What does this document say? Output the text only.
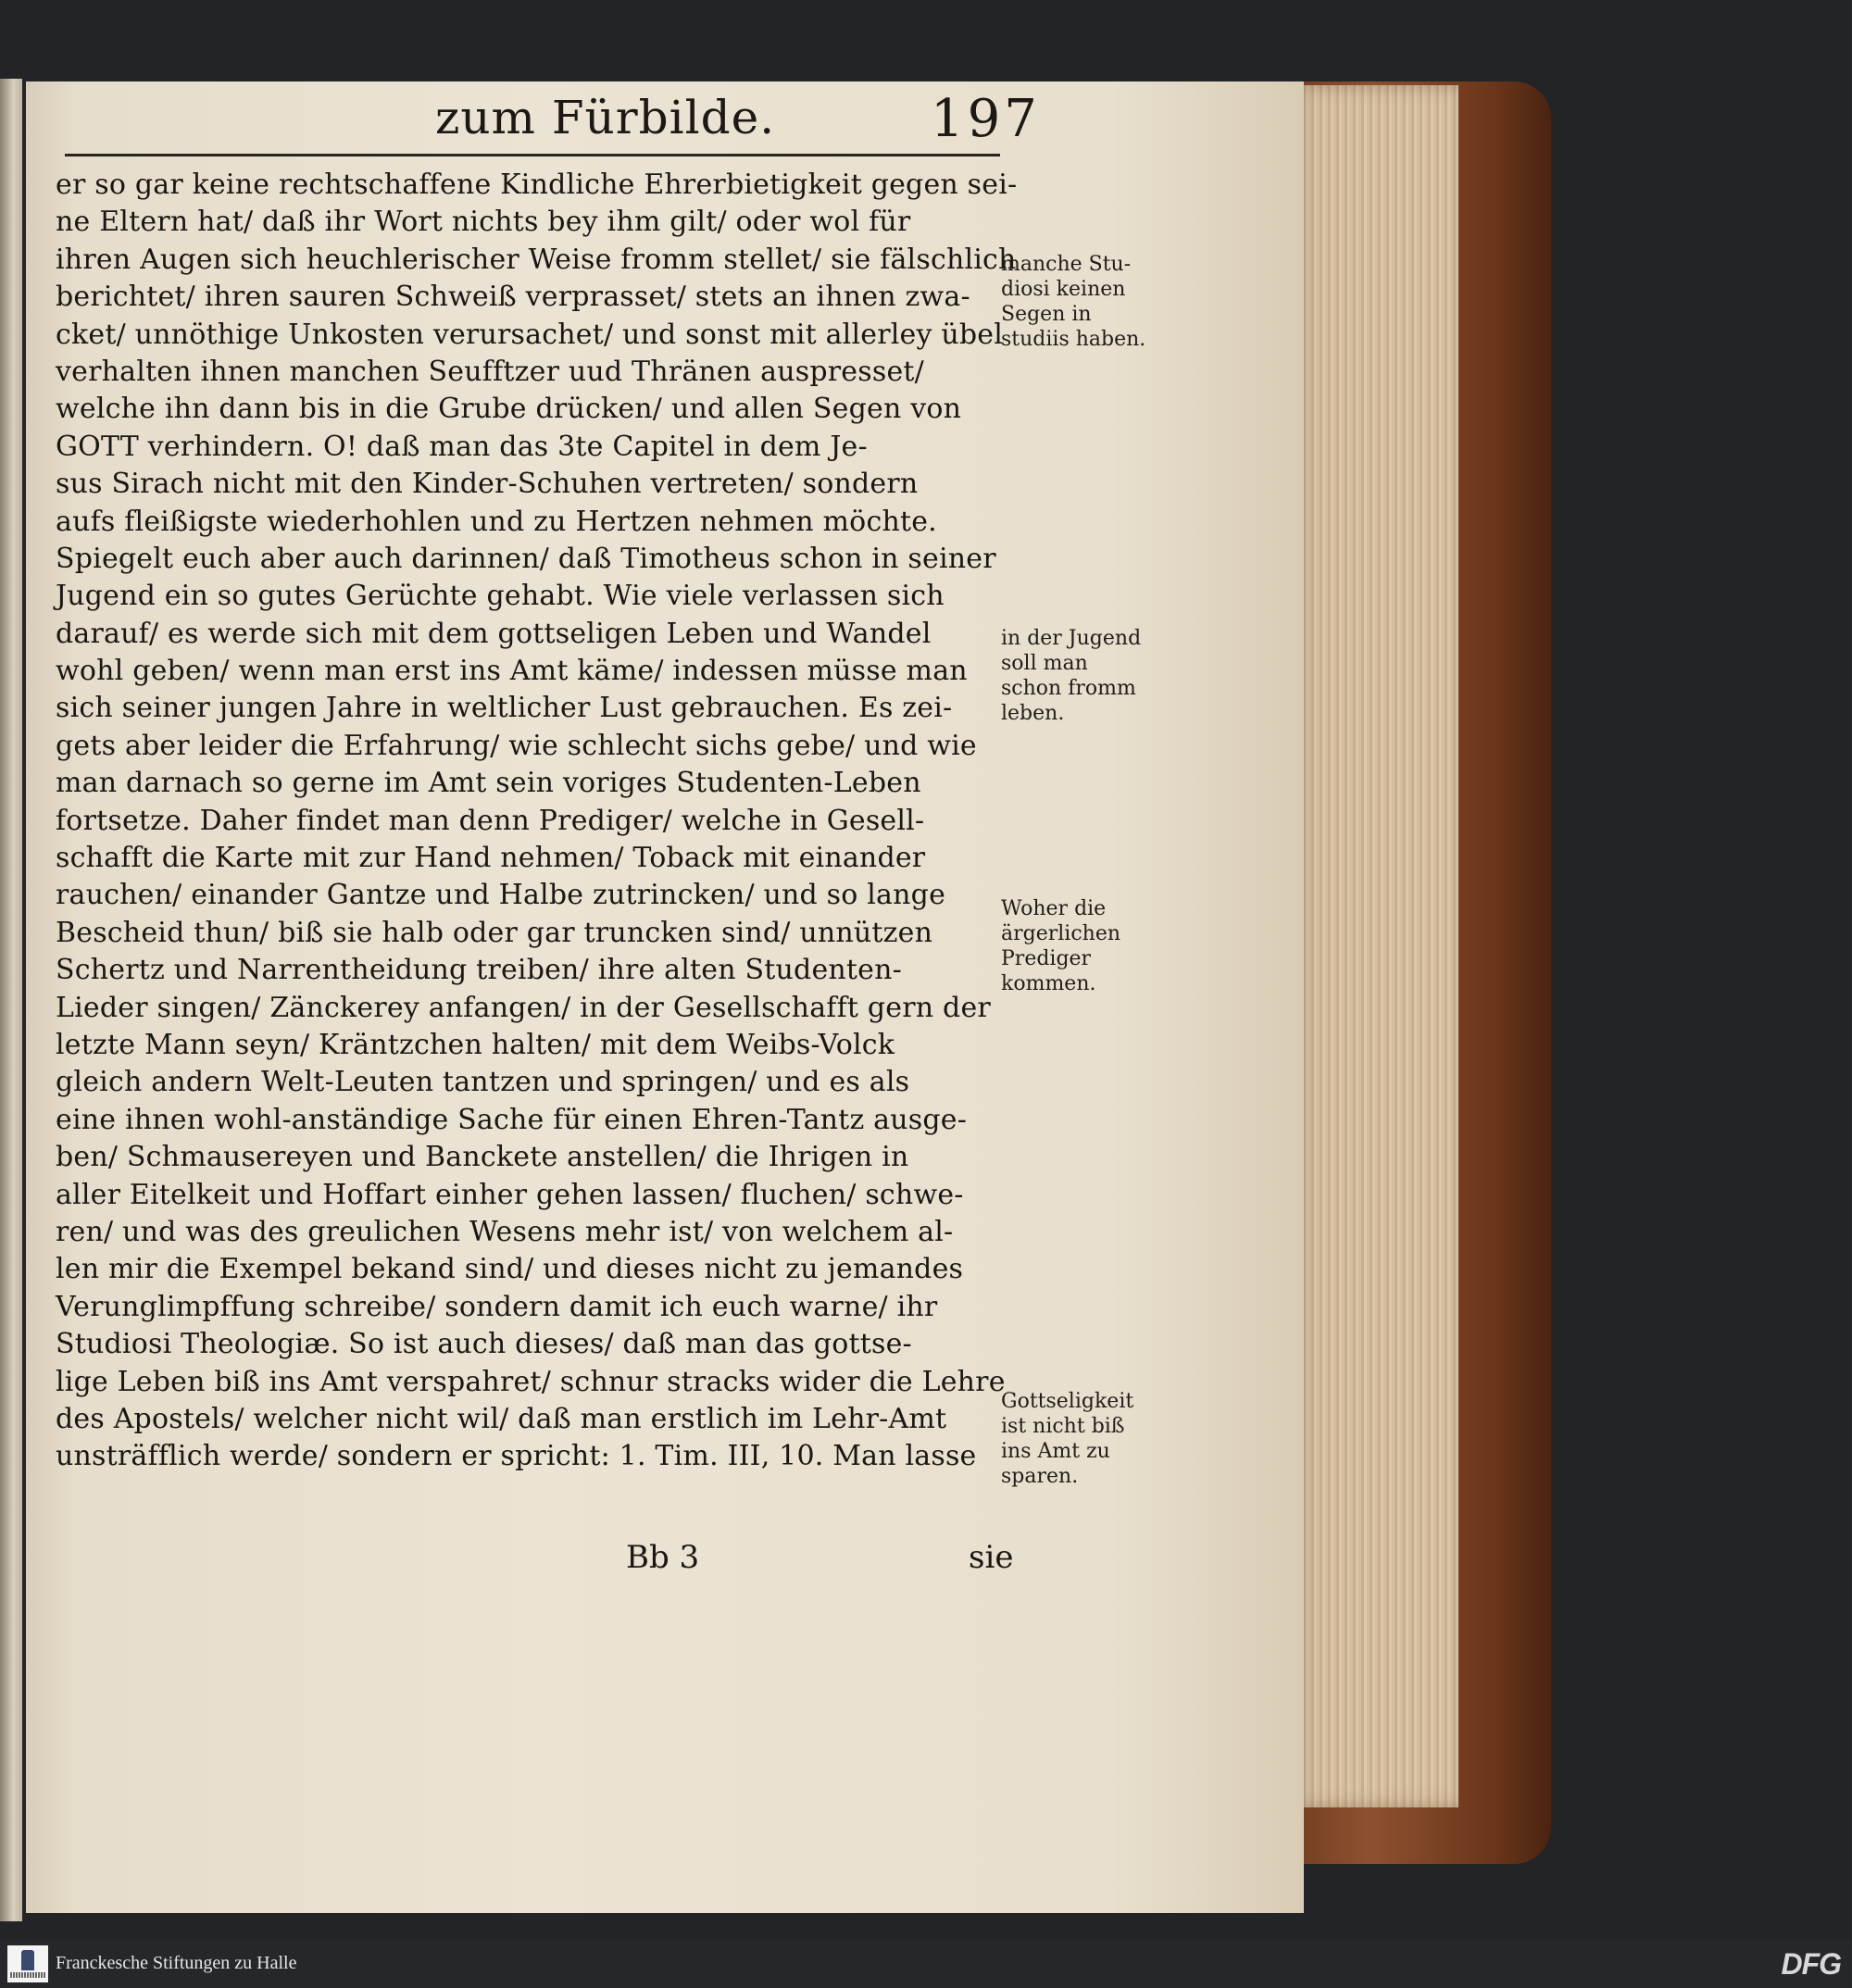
zum Fürbilde.	197
er so gar keine rechtschaffene Kindliche Ehrerbietigkeit gegen sei-
ne Eltern hat/ daß ihr Wort nichts bey ihm gilt/ oder wol für
ihren Augen sich heuchlerischer Weise fromm stellet/ sie fälschlich
berichtet/ ihren sauren Schweiß verprasset/ stets an ihnen zwa-
cket/ unnöthige Unkosten verursachet/ und sonst mit allerley übel
verhalten ihnen manchen Seufftzer uud Thränen auspresset/
welche ihn dann bis in die Grube drücken/ und allen Segen von
GOTT verhindern. O! daß man das 3te Capitel in dem Je-
sus Sirach nicht mit den Kinder-Schuhen vertreten/ sondern
aufs fleißigste wiederhohlen und zu Hertzen nehmen möchte.
Spiegelt euch aber auch darinnen/ daß Timotheus schon in seiner
Jugend ein so gutes Gerüchte gehabt. Wie viele verlassen sich
darauf/ es werde sich mit dem gottseligen Leben und Wandel
wohl geben/ wenn man erst ins Amt käme/ indessen müsse man
sich seiner jungen Jahre in weltlicher Lust gebrauchen. Es zei-
gets aber leider die Erfahrung/ wie schlecht sichs gebe/ und wie
man darnach so gerne im Amt sein voriges Studenten-Leben
fortsetze. Daher findet man denn Prediger/ welche in Gesell-
schafft die Karte mit zur Hand nehmen/ Toback mit einander
rauchen/ einander Gantze und Halbe zutrincken/ und so lange
Bescheid thun/ biß sie halb oder gar truncken sind/ unnützen
Schertz und Narrentheidung treiben/ ihre alten Studenten-
Lieder singen/ Zänckerey anfangen/ in der Gesellschafft gern der
letzte Mann seyn/ Kräntzchen halten/ mit dem Weibs-Volck
gleich andern Welt-Leuten tantzen und springen/ und es als
eine ihnen wohl-anständige Sache für einen Ehren-Tantz ausge-
ben/ Schmausereyen und Banckete anstellen/ die Ihrigen in
aller Eitelkeit und Hoffart einher gehen lassen/ fluchen/ schwe-
ren/ und was des greulichen Wesens mehr ist/ von welchem al-
len mir die Exempel bekand sind/ und dieses nicht zu jemandes
Verunglimpffung schreibe/ sondern damit ich euch warne/ ihr
Studiosi Theologiæ. So ist auch dieses/ daß man das gottse-
lige Leben biß ins Amt verspahret/ schnur stracks wider die Lehre
des Apostels/ welcher nicht wil/ daß man erstlich im Lehr-Amt
unsträfflich werde/ sondern er spricht: 1. Tim. III, 10. Man lasse
Bb 3	sie
manche Stu-
diosi keinen
Segen in
studiis haben.
in der Jugend
soll man
schon fromm
leben.
Woher die
ärgerlichen
Prediger
kommen.
Gottseligkeit
ist nicht biß
ins Amt zu
sparen.
Franckesche Stiftungen zu Halle	DFG
